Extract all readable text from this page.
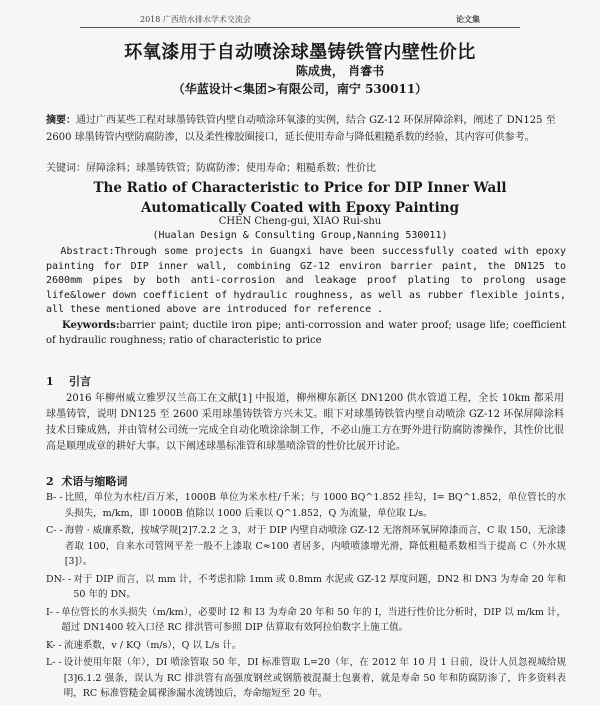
2018 广西给水排水学术交流会	论文集
环氧漆用于自动喷涂球墨铸铁管内壁性价比
陈成贵， 肖睿书
（华蓝设计<集团>有限公司，南宁 530011）
摘要：通过广西某些工程对球墨铸铁管内壁自动喷涂环氧漆的实例，结合 GZ-12 环保屏障涂料，阐述了 DN125 至 2600 球墨铸管内壁防腐防渗，以及柔性橡胶圈接口，延长使用寿命与降低粗糙系数的经验，其内容可供参考。
关键词：屏障涂料；球墨铸铁管；防腐防渗；使用寿命；粗糙系数；性价比
The Ratio of Characteristic to Price for DIP Inner Wall
Automatically Coated with Epoxy Painting
CHEN Cheng-gui, XIAO Rui-shu
(Hualan Design & Consulting Group,Nanning 530011)
Abstract:Through some projects in Guangxi have been successfully coated with epoxy painting for DIP inner wall, combining GZ-12 environ barrier paint, the DN125 to 2600mm pipes by both anti-corrosion and leakage proof plating to prolong usage life&lower down coefficient of hydraulic roughness, as well as rubber flexible joints, all these mentioned above are introduced for reference .
Keywords:barrier paint; ductile iron pipe; anti-corrossion and water proof; usage life; coefficient of hydraulic roughness; ratio of characteristic to price
1 引言
2016 年柳州威立雅罗汉兰高工在文献[1] 中报道，柳州柳东新区 DN1200 供水管道工程，全长 10km 都采用球墨铸管，说明 DN125 至 2600 采用球墨铸铁管方兴未艾。眼下对球墨铸铁管内壁自动喷涂 GZ-12 环保屏障涂料技术日臻成熟，并由管材公司统一完成全自动化喷涂涂制工作，不必山施工方在野外进行防腐防渗操作，其性价比很高是顺理成章的耕好大事。以下阐述球墨标准管和球墨喷涂管的性价比展开讨论。
2 术语与缩略词
B- - 比照，单位为水柱/百万米，1000B 单位为米水柱/千米；与 1000 BQ^1.852 挂勾，I= BQ^1.852，单位管长的水头损失，m/km，即 1000B 值除以 1000 后乘以 Q^1.852，Q 为流量，单位取 L/s。
C- - 海曾 · 威廉系数，按城学规[2]7.2.2 之 3，对于 DIP 内壁自动喷涂 GZ-12 无溶剂环氧屏障漆而言，C 取 150，无涂漆者取 100，自来水司管网平差一般不上漆取 C≈100 者居多，内喷喷漆增光滑，降低粗糙系数相当于提高 C（外水规[3]）。
DN- - 对于 DIP 而言，以 mm 计，不考虑扣除 1mm 或 0.8mm 水泥或 GZ-12 厚度问题，DN2 和 DN3 为寿命 20 年和 50 年的 DN。
I- - 单位管长的水头损失（m/km），必要时 I2 和 I3 为寿命 20 年和 50 年的 I，当进行性价比分析时，DIP 以 m/km 计，超过 DN1400 较入口径 RC 排洪管可参照 DIP 估算取有效阿拉伯数字上施工值。
K- - 流速系数，v / KQ（m/s），Q 以 L/s 计。
L- - 设计使用年限（年），DI 喷涂管取 50 年，DI 标准管取 L=20（年，在 2012 年 10 月 1 日前，设计人员忽视城给规[3]6.1.2 强条，误认为 RC 排洪管有高强度钢丝或钢筋被混凝土包裹着，就是寿命 50 年和防腐防渗了，许多资料表明，RC 标准管糙金属裸渗漏水流锈蚀后，寿命缩短至 20 年。
